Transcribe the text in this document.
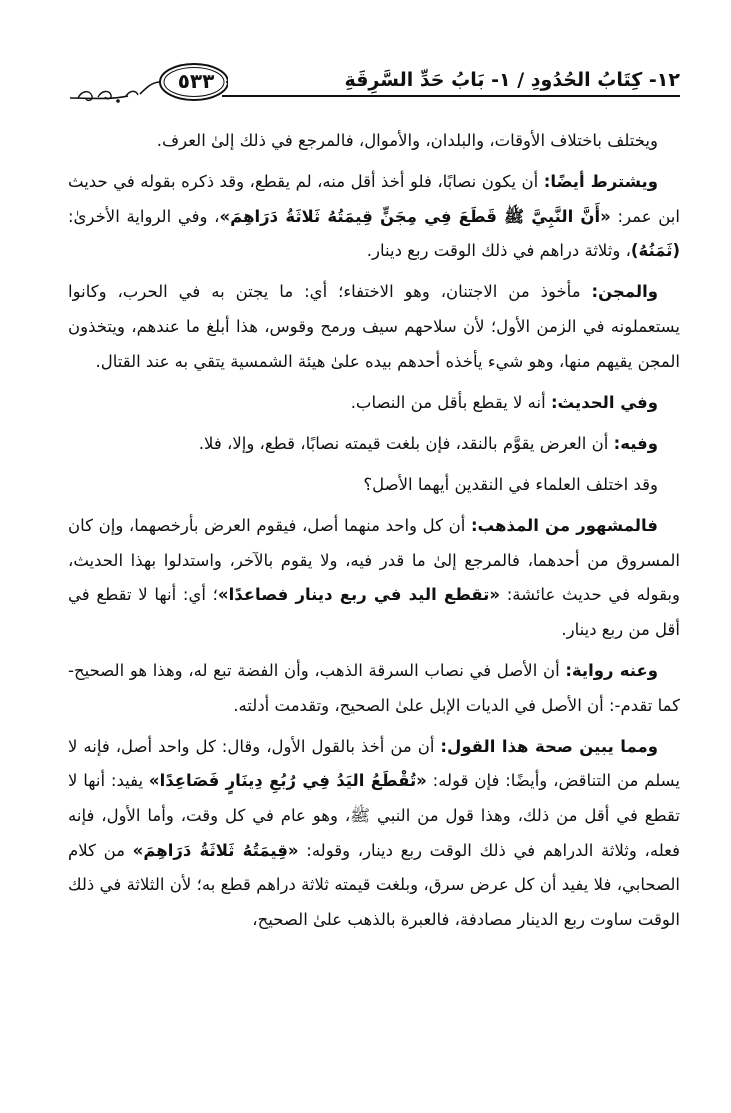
١٢- كِتَابُ الحُدُودِ / ١- بَابُ حَدِّ السَّرِقَةِ
٥٣٣

ويختلف باختلاف الأوقات، والبلدان، والأموال، فالمرجع في ذلك إلىٰ العرف.

ويشترط أيضًا: أن يكون نصابًا، فلو أخذ أقل منه، لم يقطع، وقد ذكره بقوله في حديث ابن عمر: «أَنَّ النَّبِيَّ ﷺ قَطَعَ فِي مِجَنٍّ قِيمَتُهُ ثَلاثَةُ دَرَاهِمَ»، وفي الرواية الأخرىٰ: (ثَمَنُهُ)، وثلاثة دراهم في ذلك الوقت ربع دينار.

والمجن: مأخوذ من الاجتنان، وهو الاختفاء؛ أي: ما يجتن به في الحرب، وكانوا يستعملونه في الزمن الأول؛ لأن سلاحهم سيف ورمح وقوس، هذا أبلغ ما عندهم، ويتخذون المجن يقيهم منها، وهو شيء يأخذه أحدهم بيده علىٰ هيئة الشمسية يتقي به عند القتال.

وفي الحديث: أنه لا يقطع بأقل من النصاب.

وفيه: أن العرض يقوَّم بالنقد، فإن بلغت قيمته نصابًا، قطع، وإلا، فلا.

وقد اختلف العلماء في النقدين أيهما الأصل؟

فالمشهور من المذهب: أن كل واحد منهما أصل، فيقوم العرض بأرخصهما، وإن كان المسروق من أحدهما، فالمرجع إلىٰ ما قدر فيه، ولا يقوم بالآخر، واستدلوا بهذا الحديث، وبقوله في حديث عائشة: «تقطع اليد في ربع دينار فصاعدًا»؛ أي: أنها لا تقطع في أقل من ربع دينار.

وعنه رواية: أن الأصل في نصاب السرقة الذهب، وأن الفضة تبع له، وهذا هو الصحيح- كما تقدم-: أن الأصل في الديات الإبل علىٰ الصحيح، وتقدمت أدلته.

ومما يبين صحة هذا القول: أن من أخذ بالقول الأول، وقال: كل واحد أصل، فإنه لا يسلم من التناقض، وأيضًا: فإن قوله: «تُقْطَعُ اليَدُ فِي رُبُعِ دِينَارٍ فَصَاعِدًا» يفيد: أنها لا تقطع في أقل من ذلك، وهذا قول من النبي ﷺ، وهو عام في كل وقت، وأما الأول، فإنه فعله، وثلاثة الدراهم في ذلك الوقت ربع دينار، وقوله: «قِيمَتُهُ ثَلاثَةُ دَرَاهِمَ» من كلام الصحابي، فلا يفيد أن كل عرض سرق، وبلغت قيمته ثلاثة دراهم قطع به؛ لأن الثلاثة في ذلك الوقت ساوت ربع الدينار مصادفة، فالعبرة بالذهب علىٰ الصحيح،
